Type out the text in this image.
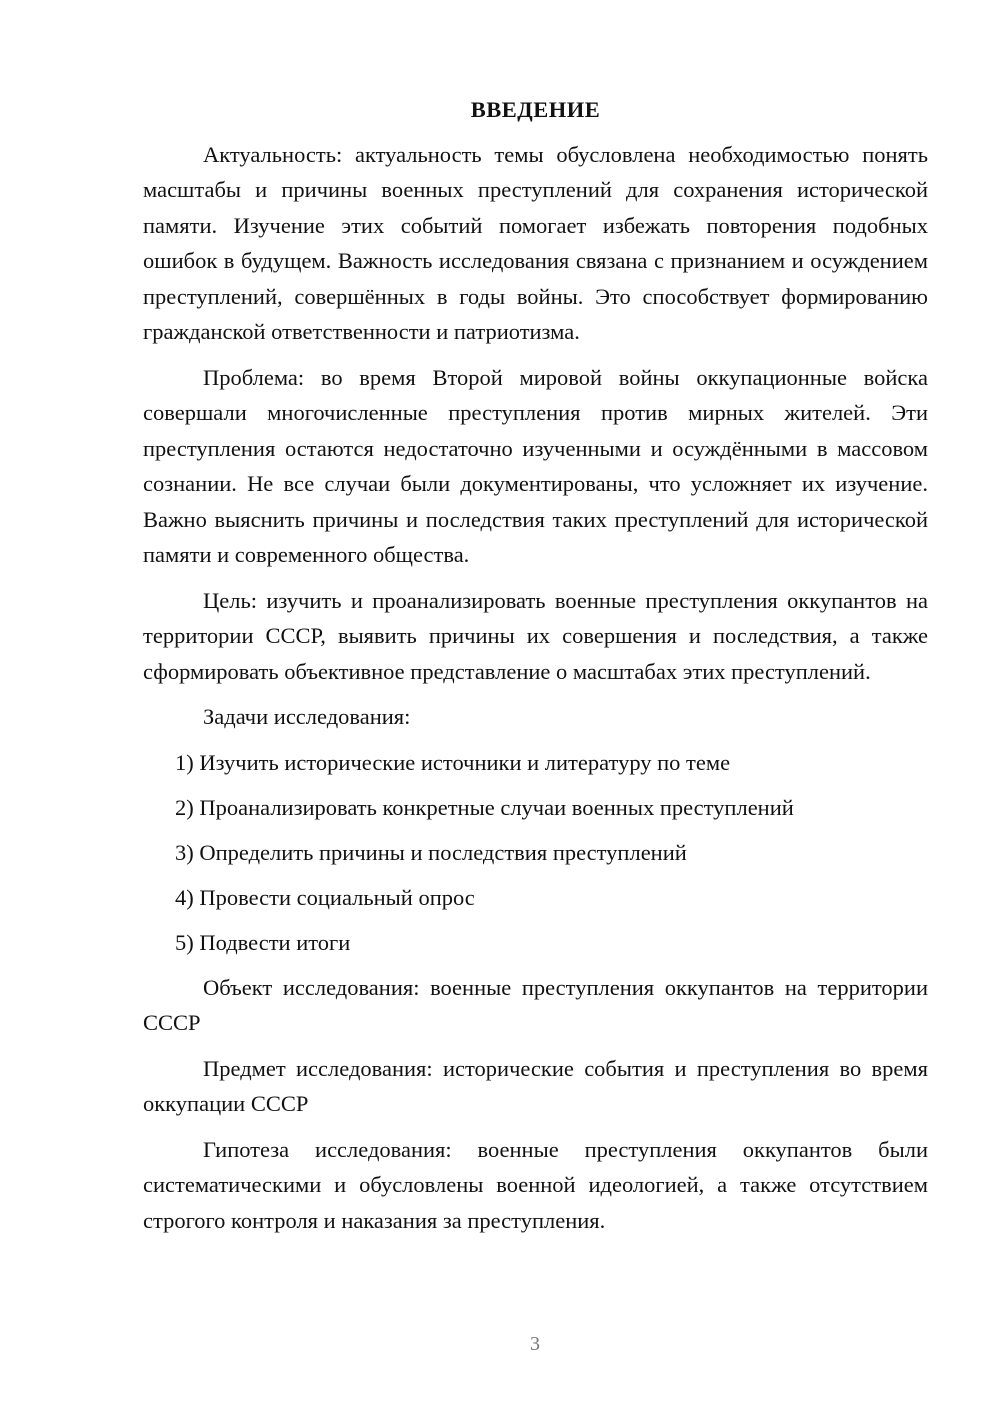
ВВЕДЕНИЕ

Актуальность: актуальность темы обусловлена необходимостью понять масштабы и причины военных преступлений для сохранения исторической памяти. Изучение этих событий помогает избежать повторения подобных ошибок в будущем. Важность исследования связана с признанием и осуждением преступлений, совершённых в годы войны. Это способствует формированию гражданской ответственности и патриотизма.

Проблема: во время Второй мировой войны оккупационные войска совершали многочисленные преступления против мирных жителей. Эти преступления остаются недостаточно изученными и осуждёнными в массовом сознании. Не все случаи были документированы, что усложняет их изучение. Важно выяснить причины и последствия таких преступлений для исторической памяти и современного общества.

Цель: изучить и проанализировать военные преступления оккупантов на территории СССР, выявить причины их совершения и последствия, а также сформировать объективное представление о масштабах этих преступлений.

Задачи исследования:
1) Изучить исторические источники и литературу по теме
2) Проанализировать конкретные случаи военных преступлений
3) Определить причины и последствия преступлений
4) Провести социальный опрос
5) Подвести итоги

Объект исследования: военные преступления оккупантов на территории СССР

Предмет исследования: исторические события и преступления во время оккупации СССР

Гипотеза исследования: военные преступления оккупантов были систематическими и обусловлены военной идеологией, а также отсутствием строгого контроля и наказания за преступления.

3
